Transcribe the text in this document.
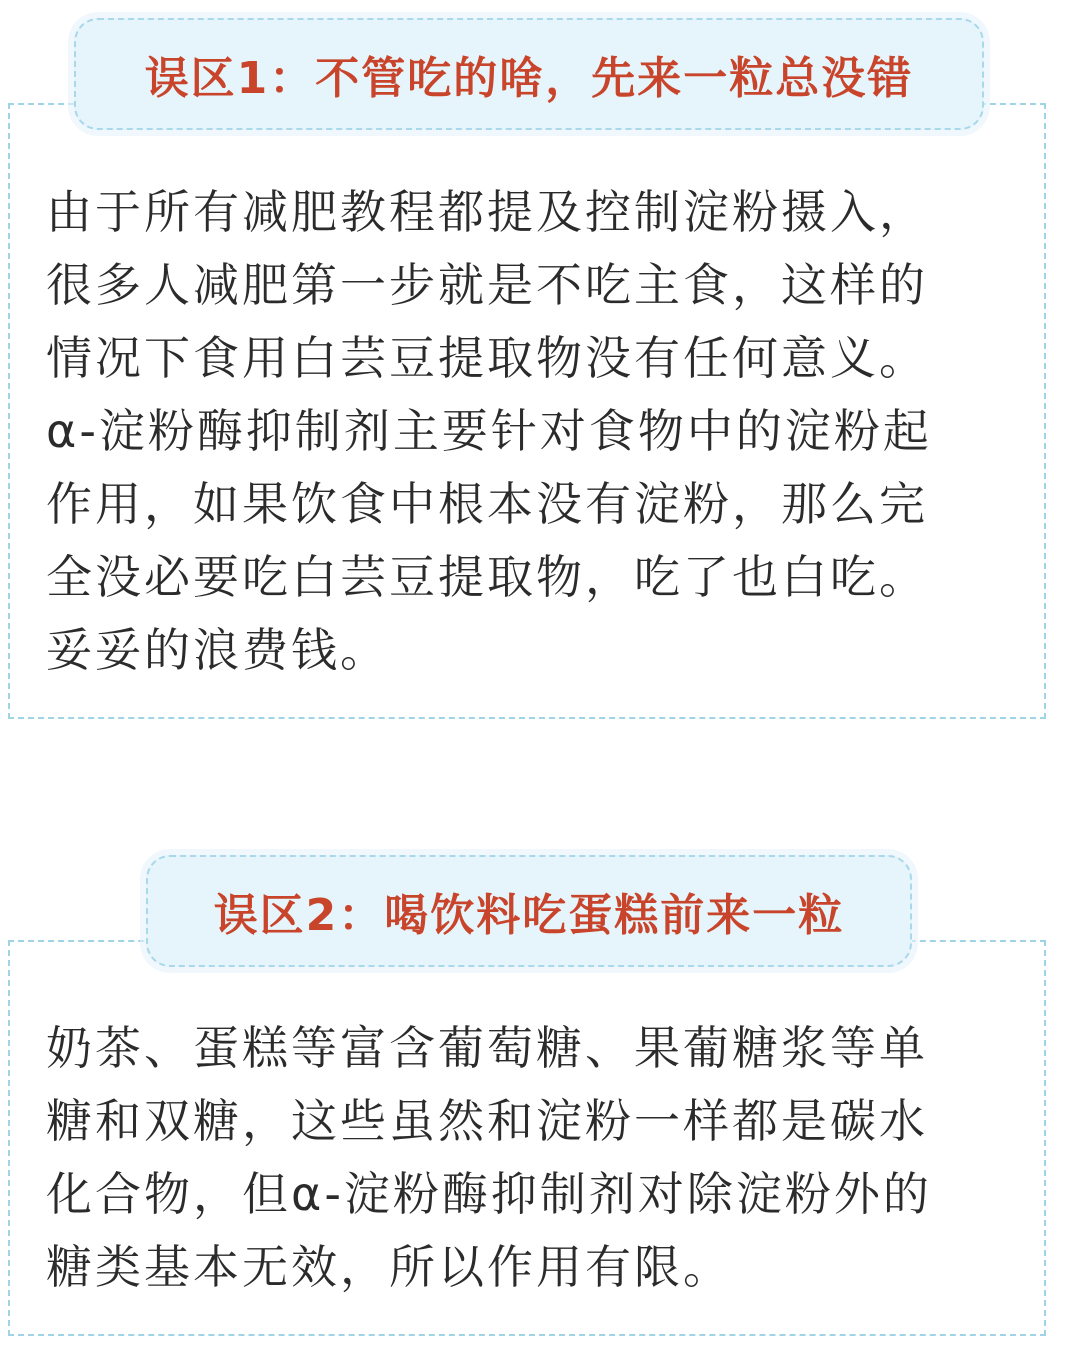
误区1：不管吃的啥，先来一粒总没错
由于所有减肥教程都提及控制淀粉摄入，
很多人减肥第一步就是不吃主食，这样的
情况下食用白芸豆提取物没有任何意义。
α-淀粉酶抑制剂主要针对食物中的淀粉起
作用，如果饮食中根本没有淀粉，那么完
全没必要吃白芸豆提取物，吃了也白吃。
妥妥的浪费钱。
误区2：喝饮料吃蛋糕前来一粒
奶茶、蛋糕等富含葡萄糖、果葡糖浆等单
糖和双糖，这些虽然和淀粉一样都是碳水
化合物，但α-淀粉酶抑制剂对除淀粉外的
糖类基本无效，所以作用有限。
